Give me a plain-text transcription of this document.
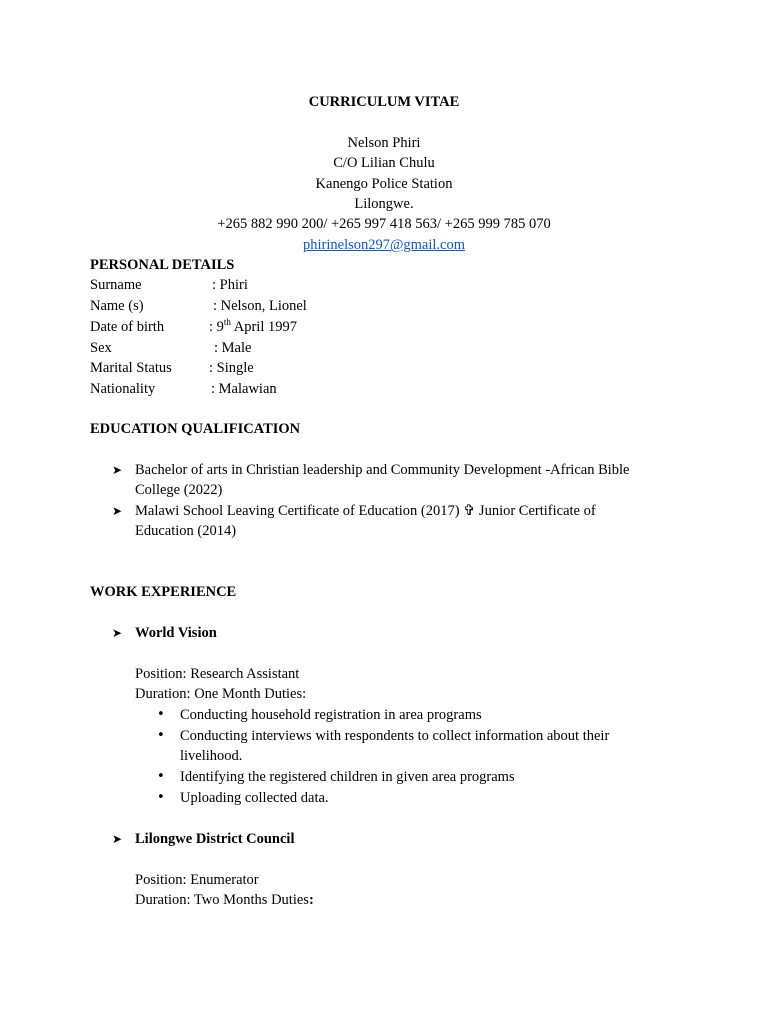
CURRICULUM VITAE
Nelson Phiri
C/O Lilian Chulu
Kanengo Police Station
Lilongwe.
+265 882 990 200/ +265 997 418 563/ +265 999 785 070
phirinelson297@gmail.com
PERSONAL DETAILS
Surname	: Phiri
Name (s)	: Nelson, Lionel
Date of birth	: 9th April 1997
Sex	: Male
Marital Status	: Single
Nationality	: Malawian
EDUCATION QUALIFICATION
➤ Bachelor of arts in Christian leadership and Community Development -African Bible
College (2022)
➤ Malawi School Leaving Certificate of Education (2017) ✞ Junior Certificate of
Education (2014)
WORK EXPERIENCE
➤ World Vision
Position: Research Assistant
Duration: One Month Duties:
• Conducting household registration in area programs
• Conducting interviews with respondents to collect information about their
livelihood.
• Identifying the registered children in given area programs
• Uploading collected data.
➤ Lilongwe District Council
Position: Enumerator
Duration: Two Months Duties:
